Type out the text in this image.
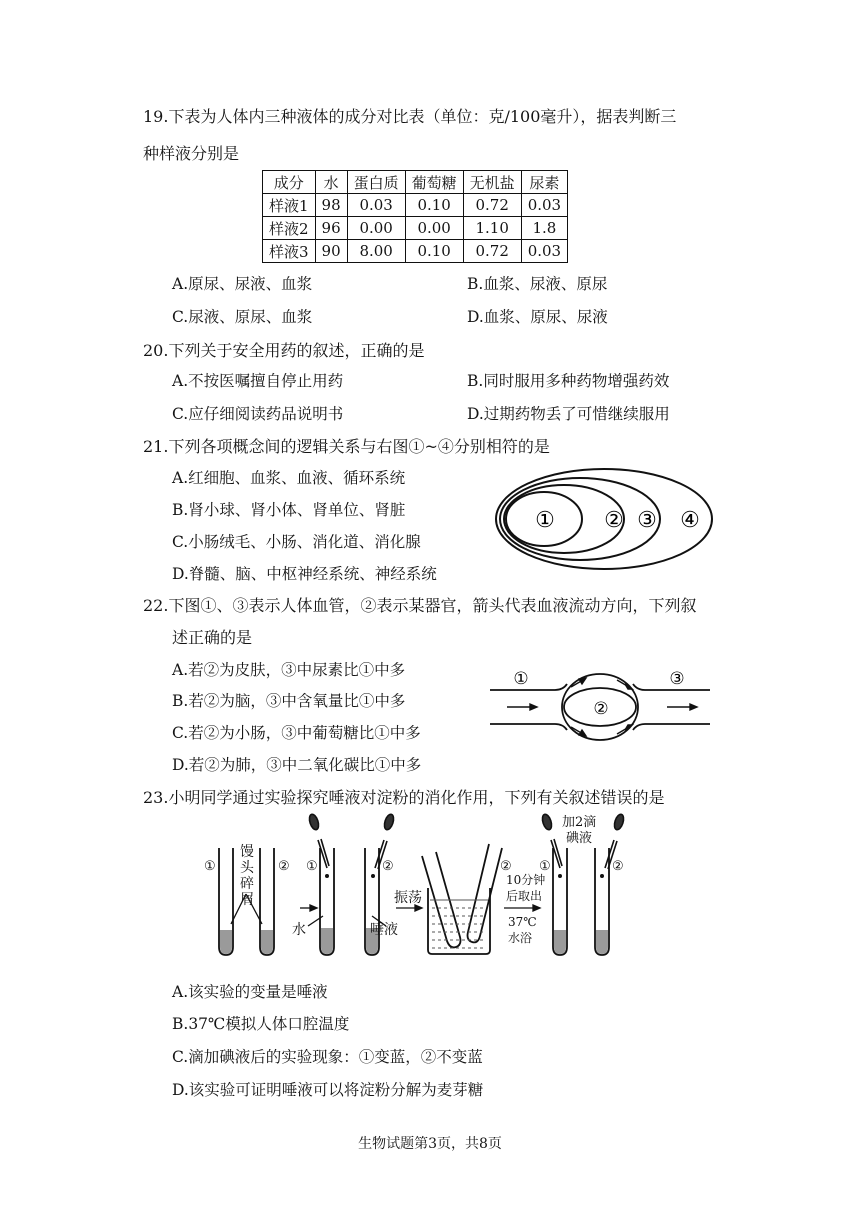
19.下表为人体内三种液体的成分对比表（单位：克/100毫升），据表判断三
种样液分别是
成分	水	蛋白质	葡萄糖	无机盐	尿素
样液1	98	0.03	0.10	0.72	0.03
样液2	96	0.00	0.00	1.10	1.8
样液3	90	8.00	0.10	0.72	0.03
A.原尿、尿液、血浆	B.血浆、尿液、原尿
C.尿液、原尿、血浆	D.血浆、原尿、尿液
20.下列关于安全用药的叙述，正确的是
A.不按医嘱擅自停止用药	B.同时服用多种药物增强药效
C.应仔细阅读药品说明书	D.过期药物丢了可惜继续服用
21.下列各项概念间的逻辑关系与右图①~④分别相符的是
A.红细胞、血浆、血液、循环系统
B.肾小球、肾小体、肾单位、肾脏
C.小肠绒毛、小肠、消化道、消化腺
D.脊髓、脑、中枢神经系统、神经系统
① ② ③ ④
22.下图①、③表示人体血管，②表示某器官，箭头代表血液流动方向，下列叙
述正确的是
A.若②为皮肤，③中尿素比①中多
B.若②为脑，③中含氧量比①中多
C.若②为小肠，③中葡萄糖比①中多
D.若②为肺，③中二氧化碳比①中多
①
②
③
23.小明同学通过实验探究唾液对淀粉的消化作用，下列有关叙述错误的是
①	② ①	②	② ①	②
馒
头
碎
屑
水	唾液
振荡
10分钟
后取出
37℃
水浴
加2滴
碘液
A.该实验的变量是唾液
B.37℃模拟人体口腔温度
C.滴加碘液后的实验现象：①变蓝，②不变蓝
D.该实验可证明唾液可以将淀粉分解为麦芽糖
生物试题第3页，共8页
